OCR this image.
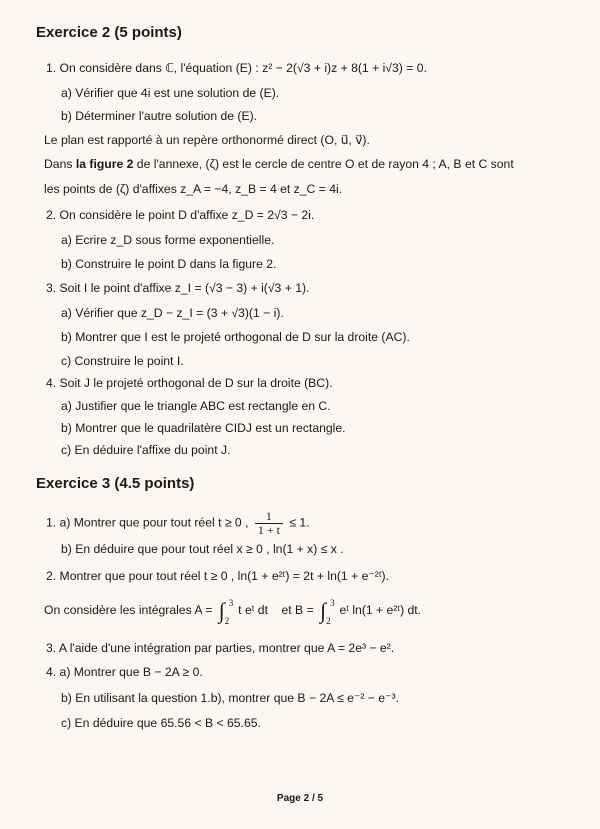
Exercice 2 (5 points)
1. On considère dans ℂ, l'équation (E) : z² − 2(√3 + i)z + 8(1 + i√3) = 0.
a) Vérifier que 4i est une solution de (E).
b) Déterminer l'autre solution de (E).
Le plan est rapporté à un repère orthonormé direct (O, u⃗, v⃗).
Dans la figure 2 de l'annexe, (ζ) est le cercle de centre O et de rayon 4 ; A, B et C sont
les points de (ζ) d'affixes z_A = −4, z_B = 4 et z_C = 4i.
2. On considère le point D d'affixe z_D = 2√3 − 2i.
a) Ecrire z_D sous forme exponentielle.
b) Construire le point D dans la figure 2.
3. Soit I le point d'affixe z_I = (√3 − 3) + i(√3 + 1).
a) Vérifier que z_D − z_I = (3 + √3)(1 − i).
b) Montrer que I est le projeté orthogonal de D sur la droite (AC).
c) Construire le point I.
4. Soit J le projeté orthogonal de D sur la droite (BC).
a) Justifier que le triangle ABC est rectangle en C.
b) Montrer que le quadrilatère CIDJ est un rectangle.
c) En déduire l'affixe du point J.
Exercice 3 (4.5 points)
1. a) Montrer que pour tout réel t ≥ 0 , $\frac{1}{1 + t} \le 1$.
b) En déduire que pour tout réel x ≥ 0 , ln(1 + x) ≤ x .
2. Montrer que pour tout réel t ≥ 0 , ln(1 + e²ᵗ) = 2t + ln(1 + e⁻²ᵗ).
On considère les intégrales A = ∫ 3
2
t eᵗ dt et B = ∫ 3
2
eᵗ ln(1 + e²ᵗ) dt.
3. A l'aide d'une intégration par parties, montrer que A = 2e³ − e².
4. a) Montrer que B − 2A ≥ 0.
b) En utilisant la question 1.b), montrer que B − 2A ≤ e⁻² − e⁻³.
c) En déduire que 65.56 < B < 65.65.
Page 2 / 5
